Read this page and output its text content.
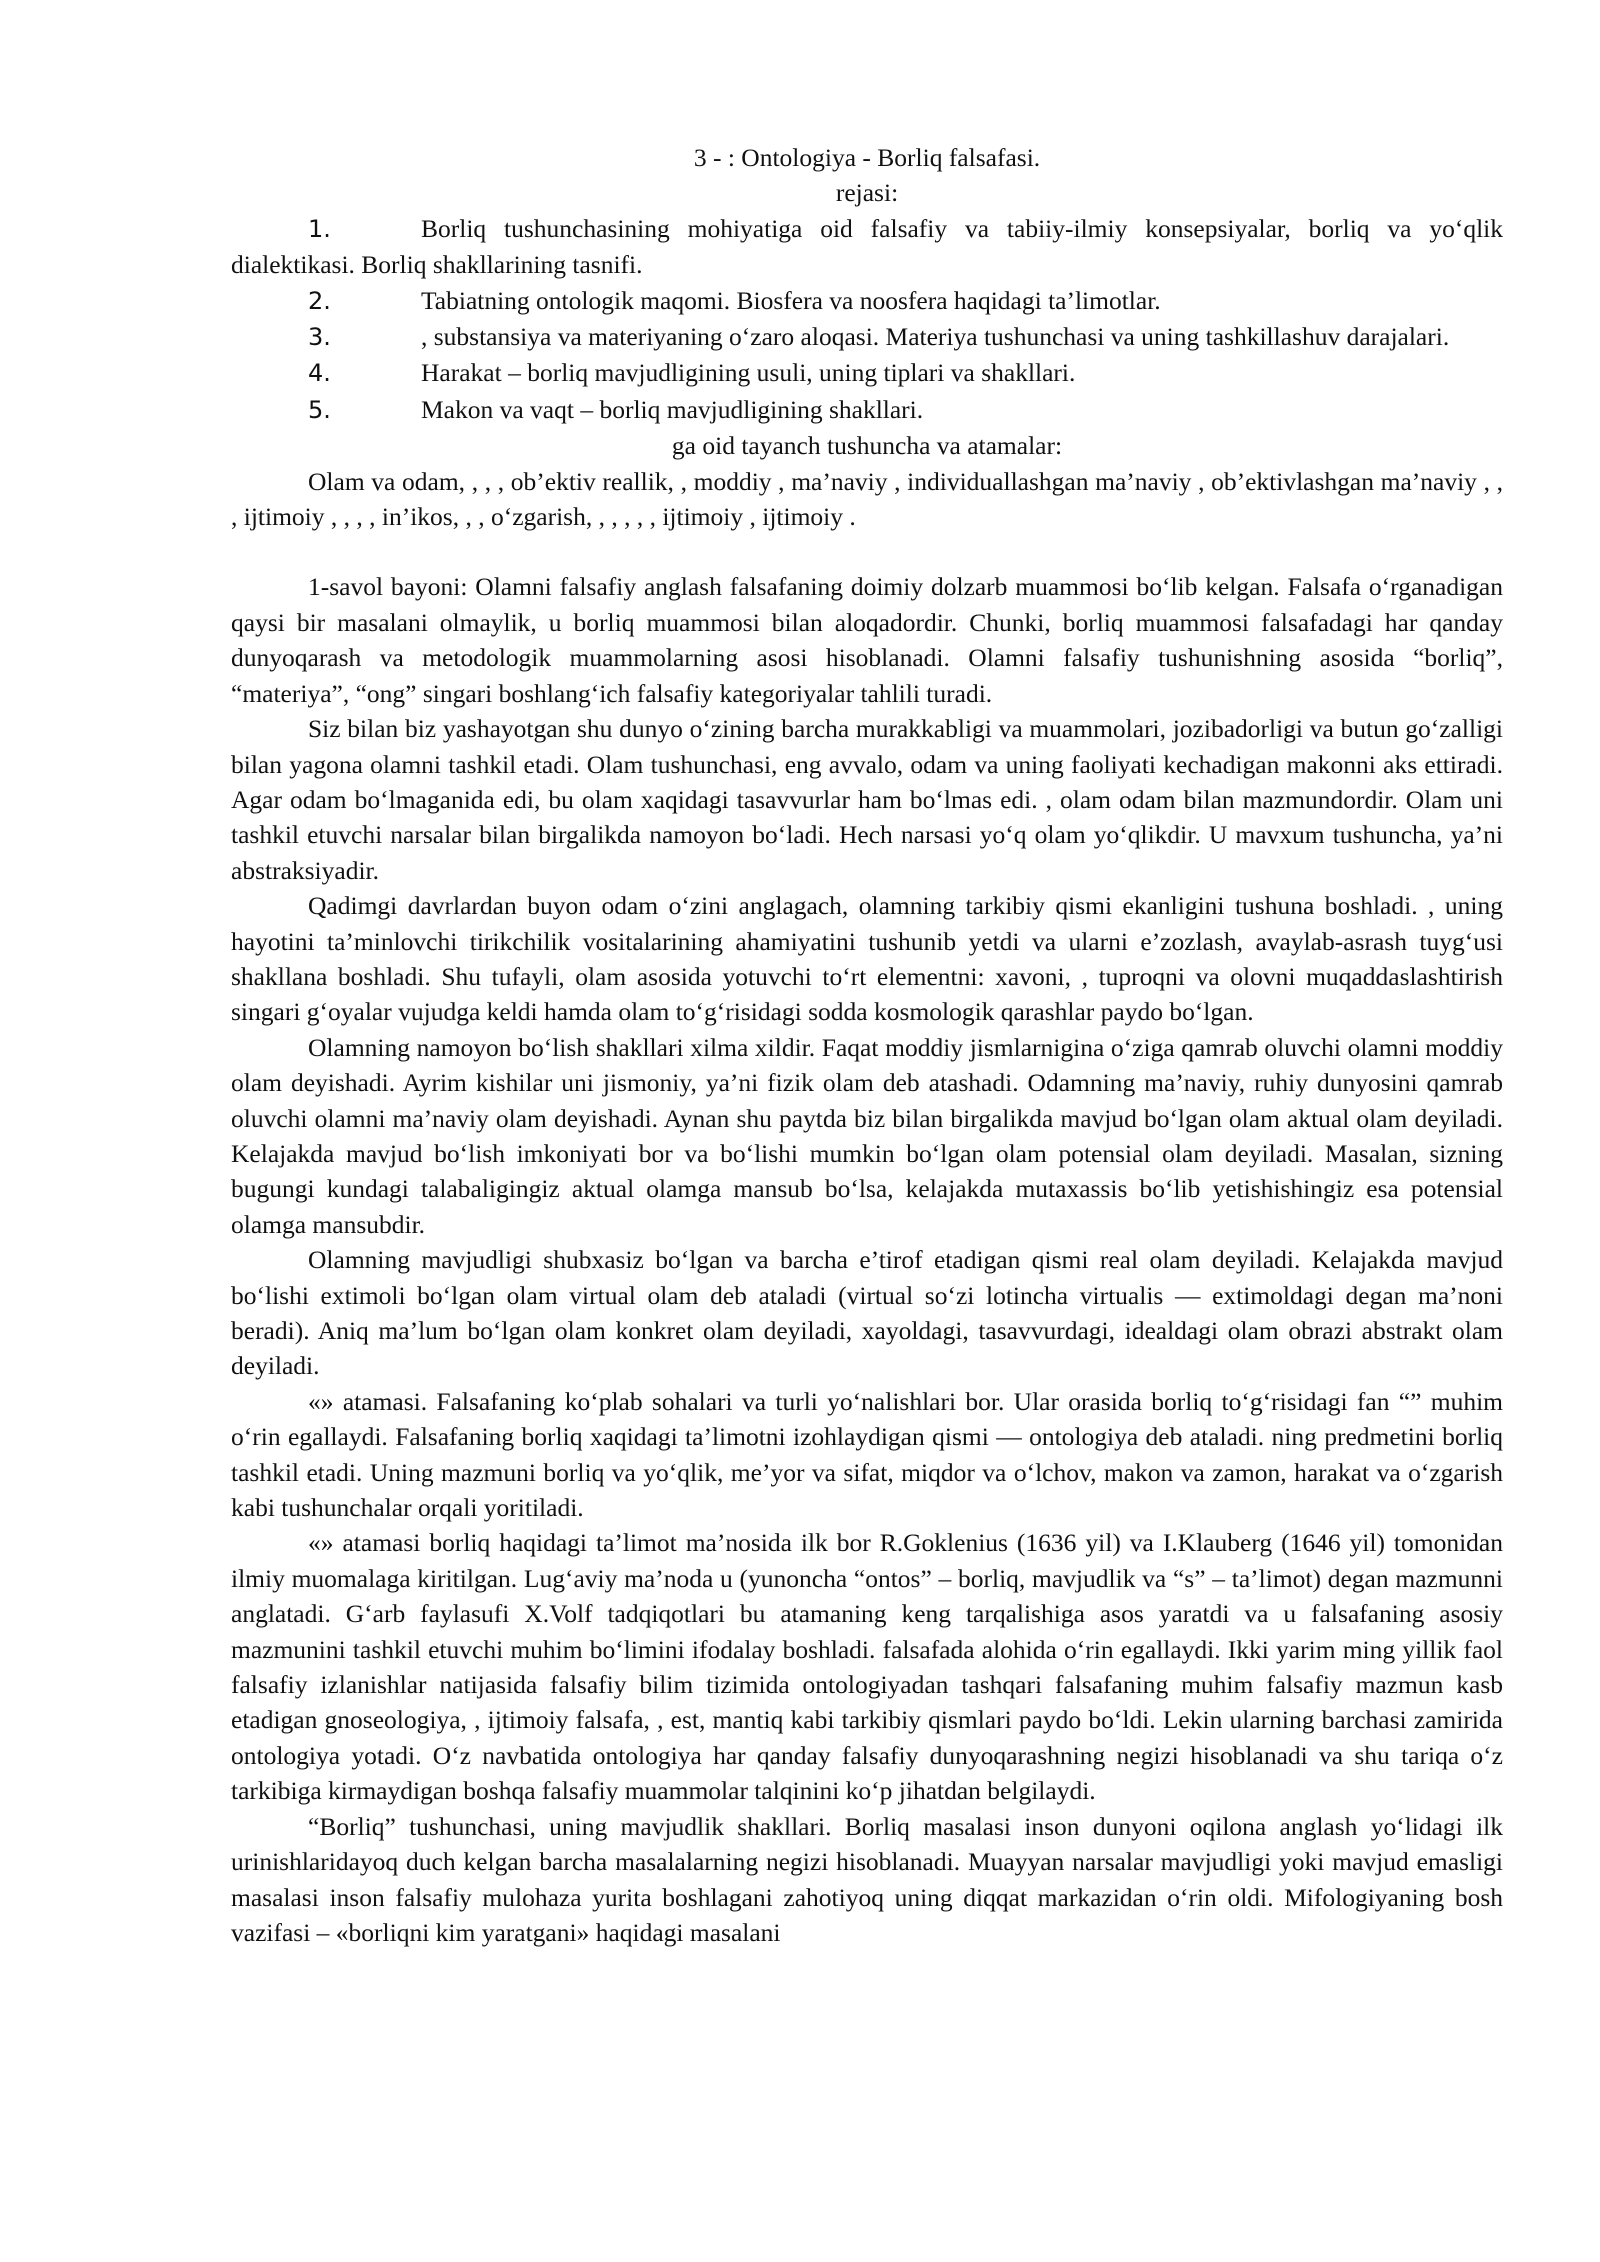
3 - : Ontologiya - Borliq falsafasi.
rejasi:
1.	Borliq tushunchasining mohiyatiga oid falsafiy va tabiiy-ilmiy konsepsiyalar, borliq va yo‘qlik dialektikasi. Borliq shakllarining tasnifi.
2.	Tabiatning ontologik maqomi. Biosfera va noosfera haqidagi ta’limotlar.
3.	, substansiya va materiyaning o‘zaro aloqasi. Materiya tushunchasi va uning tashkillashuv darajalari.
4.	Harakat – borliq mavjudligining usuli, uning tiplari va shakllari.
5.	Makon va vaqt – borliq mavjudligining shakllari.
ga oid tayanch tushuncha va atamalar:

Olam va odam, , , , ob’ektiv reallik, , moddiy , ma’naviy , individuallashgan ma’naviy , ob’ektivlashgan ma’naviy , , , ijtimoiy , , , , in’ikos, , , o‘zgarish, , , , , , ijtimoiy , ijtimoiy .

1-savol bayoni: Olamni falsafiy anglash falsafaning doimiy dolzarb muammosi bo‘lib kelgan. Falsafa o‘rganadigan qaysi bir masalani olmaylik, u borliq muammosi bilan aloqadordir. Chunki, borliq muammosi falsafadagi har qanday dunyoqarash va metodologik muammolarning asosi hisoblanadi. Olamni falsafiy tushunishning asosida “borliq”, “materiya”, “ong” singari boshlang‘ich falsafiy kategoriyalar tahlili turadi.

Siz bilan biz yashayotgan shu dunyo o‘zining barcha murakkabligi va muammolari, jozibadorligi va butun go‘zalligi bilan yagona olamni tashkil etadi. Olam tushunchasi, eng avvalo, odam va uning faoliyati kechadigan makonni aks ettiradi. Agar odam bo‘lmaganida edi, bu olam xaqidagi tasavvurlar ham bo‘lmas edi. , olam odam bilan mazmundordir. Olam uni tashkil etuvchi narsalar bilan birgalikda namoyon bo‘ladi. Hech narsasi yo‘q olam yo‘qlikdir. U mavxum tushuncha, ya’ni abstraksiyadir.

Qadimgi davrlardan buyon odam o‘zini anglagach, olamning tarkibiy qismi ekanligini tushuna boshladi. , uning hayotini ta’minlovchi tirikchilik vositalarining ahamiyatini tushunib yetdi va ularni e’zozlash, avaylab-asrash tuyg‘usi shakllana boshladi. Shu tufayli, olam asosida yotuvchi to‘rt elementni: xavoni, , tuproqni va olovni muqaddaslashtirish singari g‘oyalar vujudga keldi hamda olam to‘g‘risidagi sodda kosmologik qarashlar paydo bo‘lgan.

Olamning namoyon bo‘lish shakllari xilma xildir. Faqat moddiy jismlarnigina o‘ziga qamrab oluvchi olamni moddiy olam deyishadi. Ayrim kishilar uni jismoniy, ya’ni fizik olam deb atashadi. Odamning ma’naviy, ruhiy dunyosini qamrab oluvchi olamni ma’naviy olam deyishadi. Aynan shu paytda biz bilan birgalikda mavjud bo‘lgan olam aktual olam deyiladi. Kelajakda mavjud bo‘lish imkoniyati bor va bo‘lishi mumkin bo‘lgan olam potensial olam deyiladi. Masalan, sizning bugungi kundagi talabaligingiz aktual olamga mansub bo‘lsa, kelajakda mutaxassis bo‘lib yetishishingiz esa potensial olamga mansubdir.

Olamning mavjudligi shubxasiz bo‘lgan va barcha e’tirof etadigan qismi real olam deyiladi. Kelajakda mavjud bo‘lishi extimoli bo‘lgan olam virtual olam deb ataladi (virtual so‘zi lotincha virtualis — extimoldagi degan ma’noni beradi). Aniq ma’lum bo‘lgan olam konkret olam deyiladi, xayoldagi, tasavvurdagi, idealdagi olam obrazi abstrakt olam deyiladi.

«» atamasi. Falsafaning ko‘plab sohalari va turli yo‘nalishlari bor. Ular orasida borliq to‘g‘risidagi fan “” muhim o‘rin egallaydi. Falsafaning borliq xaqidagi ta’limotni izohlaydigan qismi — ontologiya deb ataladi. ning predmetini borliq tashkil etadi. Uning mazmuni borliq va yo‘qlik, me’yor va sifat, miqdor va o‘lchov, makon va zamon, harakat va o‘zgarish kabi tushunchalar orqali yoritiladi.

«» atamasi borliq haqidagi ta’limot ma’nosida ilk bor R.Goklenius (1636 yil) va I.Klauberg (1646 yil) tomonidan ilmiy muomalaga kiritilgan. Lug‘aviy ma’noda u (yunoncha “ontos” – borliq, mavjudlik va “s” – ta’limot) degan mazmunni anglatadi. G‘arb faylasufi X.Volf tadqiqotlari bu atamaning keng tarqalishiga asos yaratdi va u falsafaning asosiy mazmunini tashkil etuvchi muhim bo‘limini ifodalay boshladi. falsafada alohida o‘rin egallaydi. Ikki yarim ming yillik faol falsafiy izlanishlar natijasida falsafiy bilim tizimida ontologiyadan tashqari falsafaning muhim falsafiy mazmun kasb etadigan gnoseologiya, , ijtimoiy falsafa, , est, mantiq kabi tarkibiy qismlari paydo bo‘ldi. Lekin ularning barchasi zamirida ontologiya yotadi. O‘z navbatida ontologiya har qanday falsafiy dunyoqarashning negizi hisoblanadi va shu tariqa o‘z tarkibiga kirmaydigan boshqa falsafiy muammolar talqinini ko‘p jihatdan belgilaydi.

“Borliq” tushunchasi, uning mavjudlik shakllari. Borliq masalasi inson dunyoni oqilona anglash yo‘lidagi ilk urinishlaridayoq duch kelgan barcha masalalarning negizi hisoblanadi. Muayyan narsalar mavjudligi yoki mavjud emasligi masalasi inson falsafiy mulohaza yurita boshlagani zahotiyoq uning diqqat markazidan o‘rin oldi. Mifologiyaning bosh vazifasi – «borliqni kim yaratgani» haqidagi masalani
